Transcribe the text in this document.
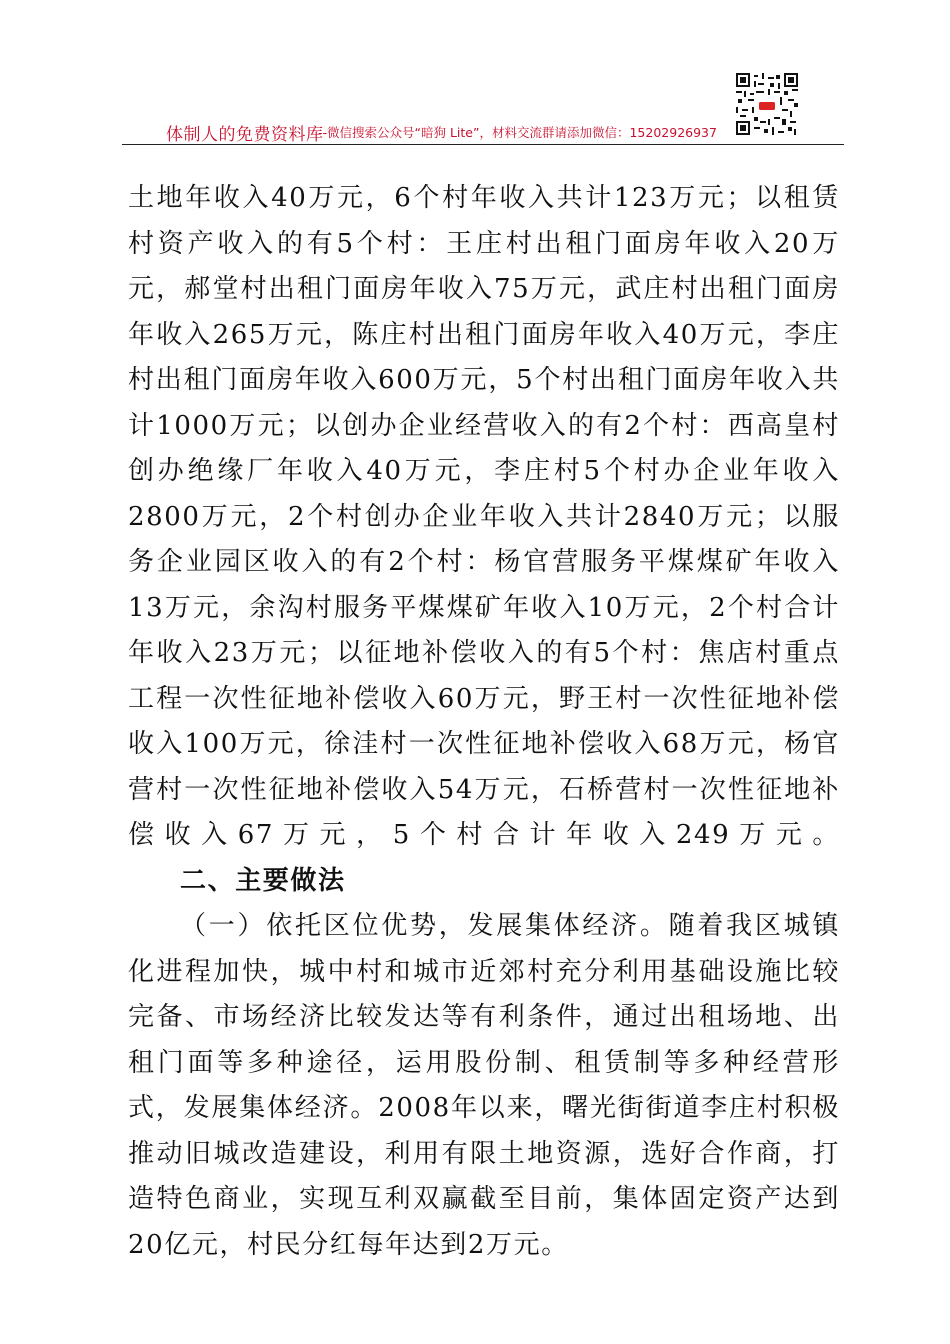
体制人的免费资料库
--微信搜索公众号“暗狗 Lite”，材料交流群请添加微信：15202926937

土地年收入40万元，6个村年收入共计123万元；以租赁村资产收入的有5个村：王庄村出租门面房年收入20万元，郝堂村出租门面房年收入75万元，武庄村出租门面房年收入265万元，陈庄村出租门面房年收入40万元，李庄村出租门面房年收入600万元，5个村出租门面房年收入共计1000万元；以创办企业经营收入的有2个村：西高皇村创办绝缘厂年收入40万元，李庄村5个村办企业年收入2800万元，2个村创办企业年收入共计2840万元；以服务企业园区收入的有2个村：杨官营服务平煤煤矿年收入13万元，余沟村服务平煤煤矿年收入10万元，2个村合计年收入23万元；以征地补偿收入的有5个村：焦店村重点工程一次性征地补偿收入60万元，野王村一次性征地补偿收入100万元，徐洼村一次性征地补偿收入68万元，杨官营村一次性征地补偿收入54万元，石桥营村一次性征地补偿收入67万元，5个村合计年收入249万元。

二、主要做法

（一）依托区位优势，发展集体经济。随着我区城镇化进程加快，城中村和城市近郊村充分利用基础设施比较完备、市场经济比较发达等有利条件，通过出租场地、出租门面等多种途径，运用股份制、租赁制等多种经营形式，发展集体经济。2008年以来，曙光街街道李庄村积极推动旧城改造建设，利用有限土地资源，选好合作商，打造特色商业，实现互利双赢截至目前，集体固定资产达到20亿元，村民分红每年达到2万元。
